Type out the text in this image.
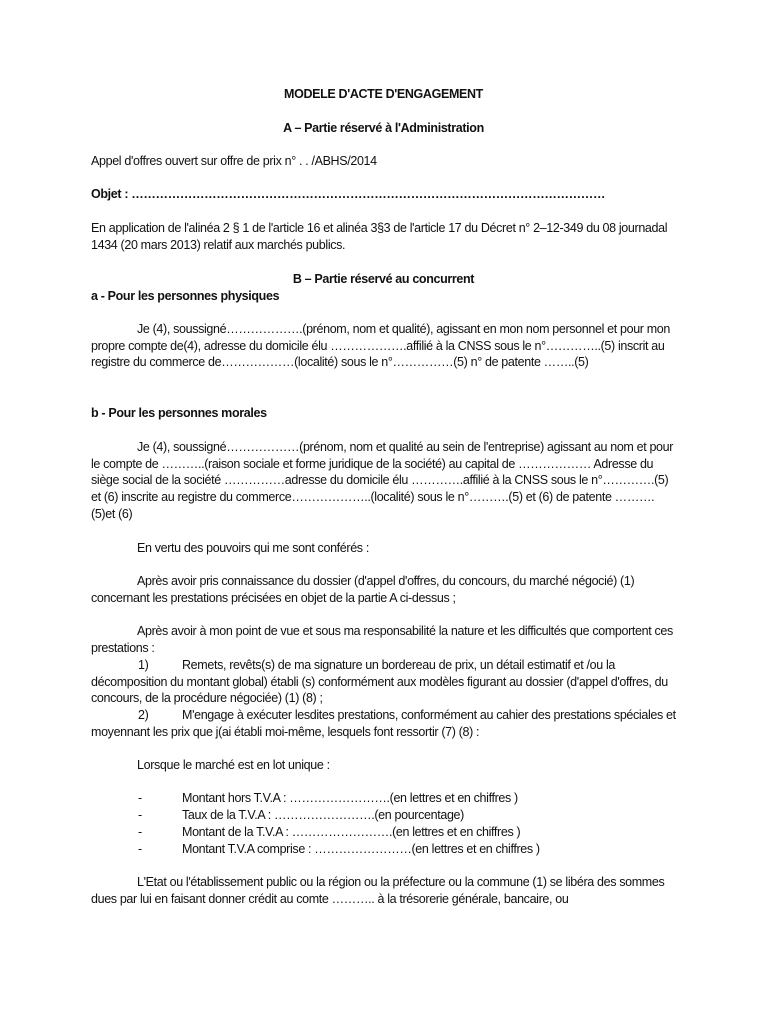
MODELE D'ACTE D'ENGAGEMENT

A – Partie réservé à l'Administration

Appel d'offres ouvert sur offre de prix n° . . /ABHS/2014

Objet : ………………………………………………………………………………………………………

En application de l'alinéa 2 § 1 de l'article 16 et alinéa 3§3 de l'article 17 du Décret n° 2–12-349 du 08 journadal 1434 (20 mars 2013) relatif aux marchés publics.

B – Partie réservé au concurrent

a - Pour les personnes physiques

Je (4), soussigné……………….(prénom, nom et qualité), agissant en mon nom personnel et pour mon propre compte de(4), adresse du domicile élu ……………….affilié à la CNSS sous le n°…………..(5) inscrit au registre du commerce de………………(localité) sous le n°……………(5) n° de patente ……..(5)

b - Pour les personnes morales

Je (4), soussigné………………(prénom, nom et qualité au sein de l'entreprise) agissant au nom et pour le compte de ………..(raison sociale et forme juridique de la société) au capital de ……………… Adresse du siège social de la société ……………adresse du domicile élu ………….affilié à la CNSS sous le n°………….(5) et (6) inscrite au registre du commerce………………..(localité) sous le n°……….(5) et (6) de patente ……….(5)et (6)

En vertu des pouvoirs qui me sont conférés :

Après avoir pris connaissance du dossier (d'appel d'offres, du concours, du marché négocié) (1) concernant les prestations précisées en objet de la partie A ci-dessus ;

Après avoir à mon point de vue et sous ma responsabilité la nature et les difficultés que comportent ces prestations :

1)	Remets, revêts(s) de ma signature un bordereau de prix, un détail estimatif et /ou la décomposition du montant global) établi (s) conformément aux modèles figurant au dossier (d'appel d'offres, du concours, de la procédure négociée) (1) (8) ;
2)	M'engage à exécuter lesdites prestations, conformément au cahier des prestations spéciales et moyennant les prix que j(ai établi moi-même, lesquels font ressortir (7) (8) :

Lorsque le marché est en lot unique :

-	Montant hors T.V.A : …………………….(en lettres et en chiffres )
-	Taux de la T.V.A : …………………….(en pourcentage)
-	Montant de la T.V.A : …………………….(en lettres et en chiffres )
-	Montant T.V.A comprise : ……………………(en lettres et en chiffres )

L'Etat ou l'établissement public ou la région ou la préfecture ou la commune (1) se libéra des sommes dues par lui en faisant donner crédit au comte ……….. à la trésorerie générale, bancaire, ou
